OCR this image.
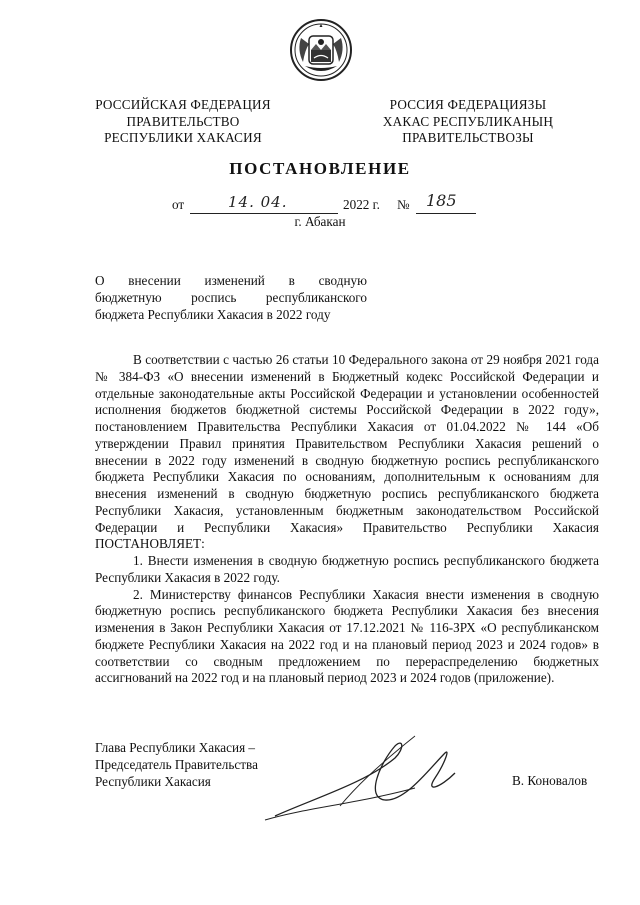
РОССИЙСКАЯ ФЕДЕРАЦИЯ
ПРАВИТЕЛЬСТВО
РЕСПУБЛИКИ ХАКАСИЯ
РОССИЯ ФЕДЕРАЦИЯЗЫ
ХАКАС РЕСПУБЛИКАНЫҢ
ПРАВИТЕЛЬСТВОЗЫ
ПОСТАНОВЛЕНИЕ
от	14. 04.	2022 г. № 185
г. Абакан
О внесении изменений в сводную
бюджетную роспись республиканского
бюджета Республики Хакасия в 2022 году

В соответствии с частью 26 статьи 10 Федерального закона от 29 ноября 2021 года № 384-ФЗ «О внесении изменений в Бюджетный кодекс Российской Федерации и отдельные законодательные акты Российской Федерации и установлении особенностей исполнения бюджетов бюджетной системы Российской Федерации в 2022 году», постановлением Правительства Республики Хакасия от 01.04.2022 № 144 «Об утверждении Правил принятия Правительством Республики Хакасия решений о внесении в 2022 году изменений в сводную бюджетную роспись республиканского бюджета Республики Хакасия по основаниям, дополнительным к основаниям для внесения изменений в сводную бюджетную роспись республиканского бюджета Республики Хакасия, установленным бюджетным законодательством Российской Федерации и Республики Хакасия» Правительство Республики Хакасия ПОСТАНОВЛЯЕТ:

1. Внести изменения в сводную бюджетную роспись республиканского бюджета Республики Хакасия в 2022 году.

2. Министерству финансов Республики Хакасия внести изменения в сводную бюджетную роспись республиканского бюджета Республики Хакасия без внесения изменения в Закон Республики Хакасия от 17.12.2021 № 116-ЗРХ «О республиканском бюджете Республики Хакасия на 2022 год и на плановый период 2023 и 2024 годов» в соответствии со сводным предложением по перераспределению бюджетных ассигнований на 2022 год и на плановый период 2023 и 2024 годов (приложение).

Глава Республики Хакасия –
Председатель Правительства
Республики Хакасия	В. Коновалов
